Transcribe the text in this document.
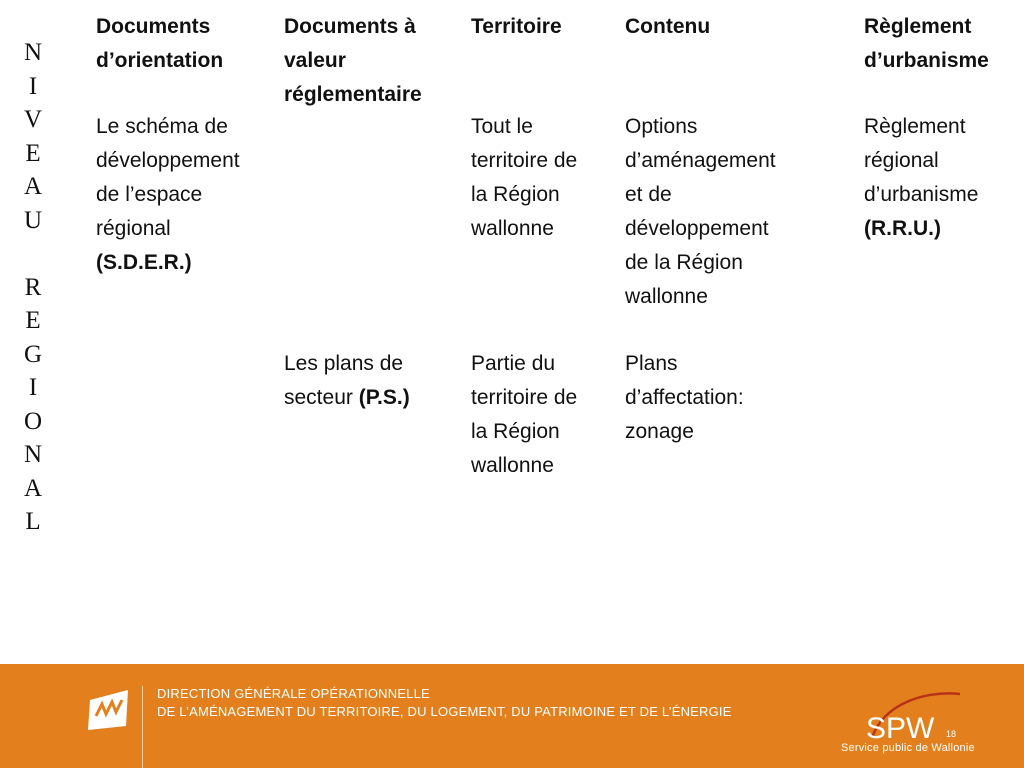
N
I
V
E
A
U
R
E
G
I
O
N
A
L
Documents
d’orientation
Documents à
valeur
réglementaire
Territoire	Contenu	Règlement
d’urbanisme
Le schéma de
développement
de l’espace
régional
(S.D.E.R.)
Tout le
territoire de
la Région
wallonne
Options
d’aménagement
et de
développement
de la Région
wallonne
Règlement
régional
d’urbanisme
(R.R.U.)
Les plans de
secteur (P.S.)
Partie du
territoire de
la Région
wallonne
Plans
d’affectation:
zonage
DIRECTION GÉNÉRALE OPÉRATIONNELLE
DE L’AMÉNAGEMENT DU TERRITOIRE, DU LOGEMENT, DU PATRIMOINE ET DE L’ÉNERGIE
SPW 18
Service public de Wallonie
